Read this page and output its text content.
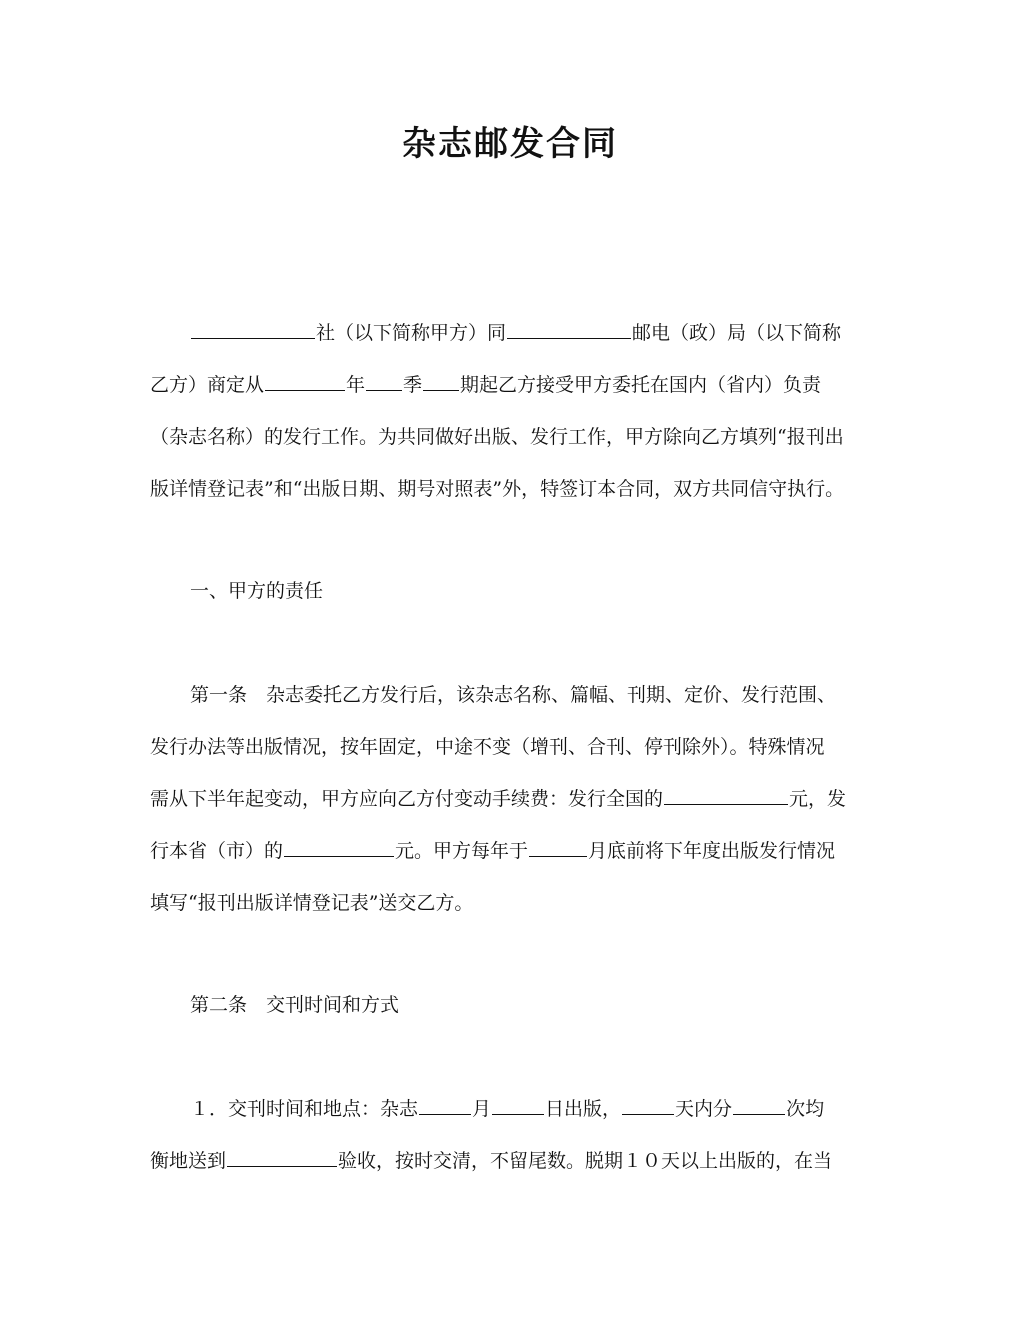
杂志邮发合同
社（以下简称甲方）同	邮电（政）局（以下简称
乙方）商定从	年 季 期起乙方接受甲方委托在国内（省内）负责
（杂志名称）的发行工作。为共同做好出版、发行工作，甲方除向乙方填列“报刊出
版详情登记表”和“出版日期、期号对照表”外，特签订本合同，双方共同信守执行。
一、甲方的责任
第一条　杂志委托乙方发行后，该杂志名称、篇幅、刊期、定价、发行范围、
发行办法等出版情况，按年固定，中途不变（增刊、合刊、停刊除外）。特殊情况
需从下半年起变动，甲方应向乙方付变动手续费：发行全国的	元，发
行本省（市）的	元。甲方每年于	月底前将下年度出版发行情况
填写“报刊出版详情登记表”送交乙方。
第二条　交刊时间和方式
１．交刊时间和地点：杂志	月	日出版，	天内分	次均
衡地送到	验收，按时交清，不留尾数。脱期１０天以上出版的，在当
